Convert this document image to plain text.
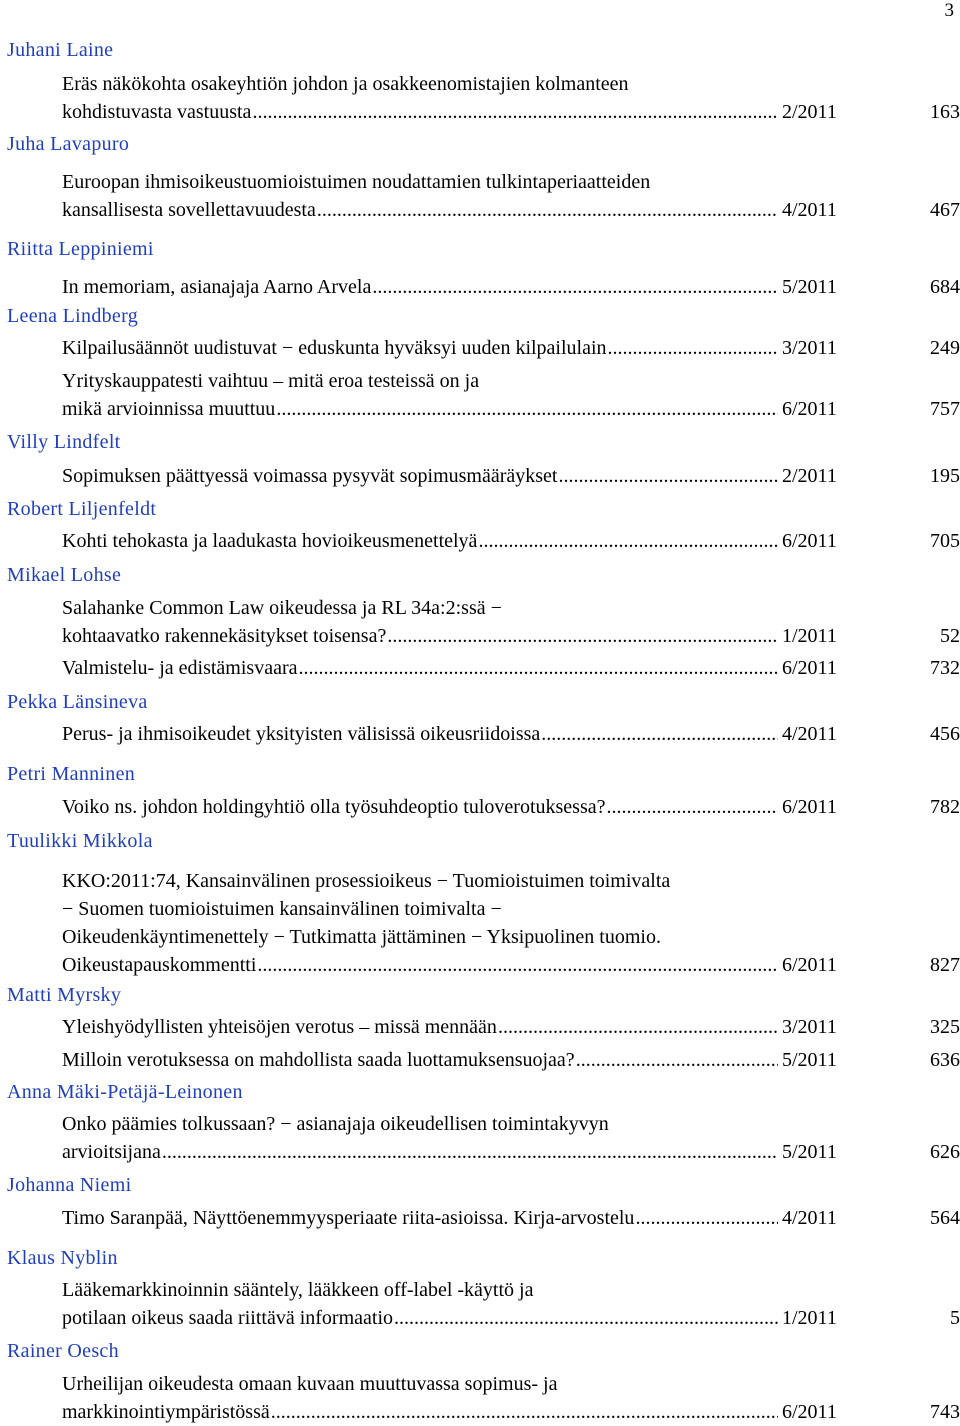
3
Juhani Laine
Eräs näkökohta osakeyhtiön johdon ja osakkeenomistajien kolmanteen
kohdistuvasta vastuusta .....	2/2011	163
Juha Lavapuro
Euroopan ihmisoikeustuomioistuimen noudattamien tulkintaperiaatteiden
kansallisesta sovellettavuudesta .....	4/2011	467
Riitta Leppiniemi
In memoriam, asianajaja Aarno Arvela .....	5/2011	684
Leena Lindberg
Kilpailusäännöt uudistuvat − eduskunta hyväksyi uuden kilpailulain .....	3/2011	249
Yrityskauppatesti vaihtuu – mitä eroa testeissä on ja
mikä arvioinnissa muuttuu .....	6/2011	757
Villy Lindfelt
Sopimuksen päättyessä voimassa pysyvät sopimusmääräykset .....	2/2011	195
Robert Liljenfeldt
Kohti tehokasta ja laadukasta hovioikeusmenettelyä .....	6/2011	705
Mikael Lohse
Salahanke Common Law oikeudessa ja RL 34a:2:ssä −
kohtaavatko rakennekäsitykset toisensa? .....	1/2011	52
Valmistelu- ja edistämisvaara .....	6/2011	732
Pekka Länsineva
Perus- ja ihmisoikeudet yksityisten välisissä oikeusriidoissa .....	4/2011	456
Petri Manninen
Voiko ns. johdon holdingyhtiö olla työsuhdeoptio tuloverotuksessa? .....	6/2011	782
Tuulikki Mikkola
KKO:2011:74, Kansainvälinen prosessioikeus − Tuomioistuimen toimivalta
− Suomen tuomioistuimen kansainvälinen toimivalta −
Oikeudenkäyntimenettely − Tutkimatta jättäminen − Yksipuolinen tuomio.
Oikeustapauskommentti .....	6/2011	827
Matti Myrsky
Yleishyödyllisten yhteisöjen verotus – missä mennään .....	3/2011	325
Milloin verotuksessa on mahdollista saada luottamuksensuojaa? .....	5/2011	636
Anna Mäki-Petäjä-Leinonen
Onko päämies tolkussaan? − asianajaja oikeudellisen toimintakyvyn
arvioitsijana .....	5/2011	626
Johanna Niemi
Timo Saranpää, Näyttöenemmyysperiaate riita-asioissa. Kirja-arvostelu .....	4/2011	564
Klaus Nyblin
Lääkemarkkinoinnin sääntely, lääkkeen off-label -käyttö ja
potilaan oikeus saada riittävä informaatio .....	1/2011	5
Rainer Oesch
Urheilijan oikeudesta omaan kuvaan muuttuvassa sopimus- ja
markkinointiympäristössä .....	6/2011	743
